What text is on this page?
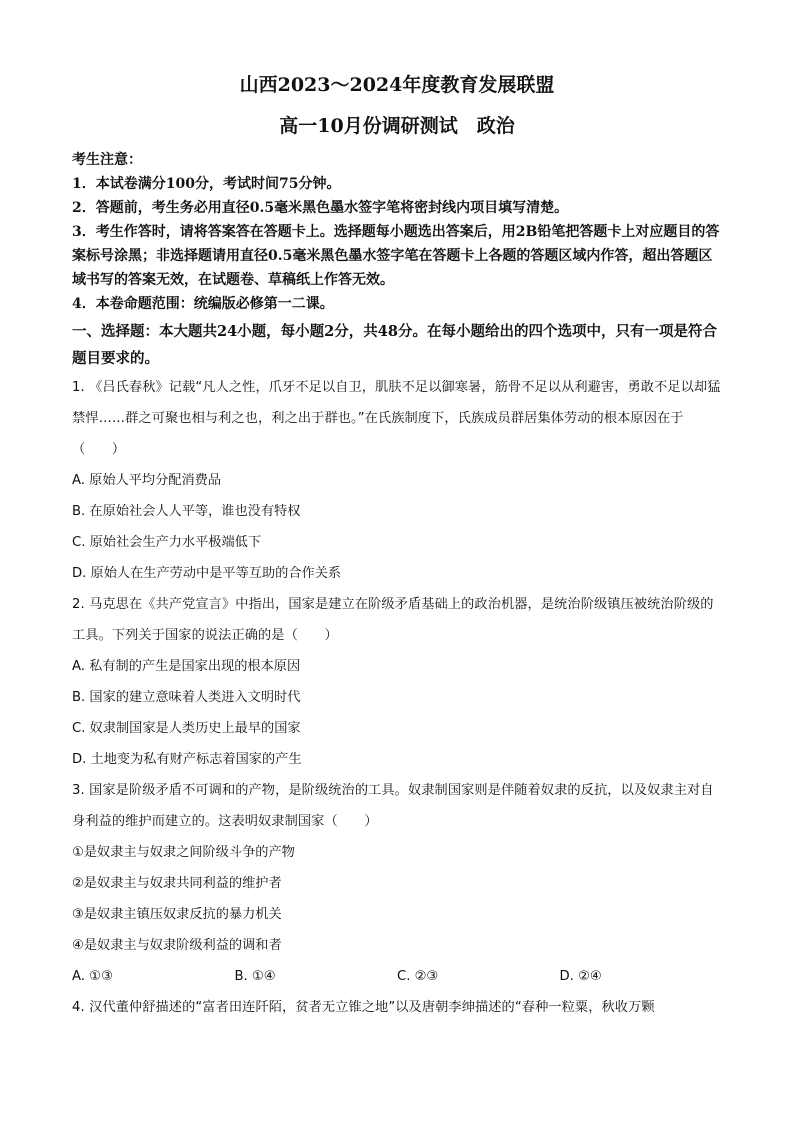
山西2023～2024年度教育发展联盟

高一10月份调研测试　政治

考生注意：
1．本试卷满分100分，考试时间75分钟。
2．答题前，考生务必用直径0.5毫米黑色墨水签字笔将密封线内项目填写清楚。
3．考生作答时，请将答案答在答题卡上。选择题每小题选出答案后，用2B铅笔把答题卡上对应题目的答案标号涂黑；非选择题请用直径0.5毫米黑色墨水签字笔在答题卡上各题的答题区域内作答，超出答题区域书写的答案无效，在试题卷、草稿纸上作答无效。
4．本卷命题范围：统编版必修第一二课。
一、选择题：本大题共24小题，每小题2分，共48分。在每小题给出的四个选项中，只有一项是符合题目要求的。
1. 《吕氏春秋》记载“凡人之性，爪牙不足以自卫，肌肤不足以御寒暑，筋骨不足以从利避害，勇敢不足以却猛禁悍……群之可聚也相与利之也，利之出于群也。”在氏族制度下，氏族成员群居集体劳动的根本原因在于（　　）
A. 原始人平均分配消费品
B. 在原始社会人人平等，谁也没有特权
C. 原始社会生产力水平极端低下
D. 原始人在生产劳动中是平等互助的合作关系
2. 马克思在《共产党宣言》中指出，国家是建立在阶级矛盾基础上的政治机器，是统治阶级镇压被统治阶级的工具。下列关于国家的说法正确的是（　　）
A. 私有制的产生是国家出现的根本原因
B. 国家的建立意味着人类进入文明时代
C. 奴隶制国家是人类历史上最早的国家
D. 土地变为私有财产标志着国家的产生
3. 国家是阶级矛盾不可调和的产物，是阶级统治的工具。奴隶制国家则是伴随着奴隶的反抗，以及奴隶主对自身利益的维护而建立的。这表明奴隶制国家（　　）
①是奴隶主与奴隶之间阶级斗争的产物
②是奴隶主与奴隶共同利益的维护者
③是奴隶主镇压奴隶反抗的暴力机关
④是奴隶主与奴隶阶级利益的调和者
A. ①③	B. ①④	C. ②③	D. ②④
4. 汉代董仲舒描述的“富者田连阡陌，贫者无立锥之地”以及唐朝李绅描述的“春种一粒粟，秋收万颗
